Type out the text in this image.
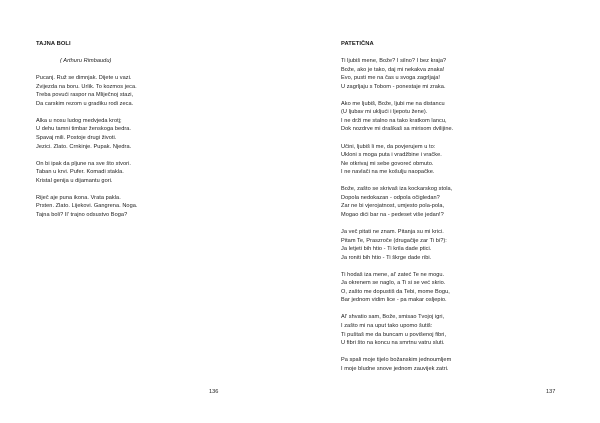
TAJNA BOLI
( Arthuru Rimbaudu)
Pucanj. Ruž se dimnjak. Dijete u vazi.
Zvijezda na boru. Urlik. To kozmos jeca.
Treba povući raspor na Mliječnoj stazi,
Da carskim rezom u gradiku rodi zeca.
Alka u nosu ludog medvjeda krotj;
U dehu tamni timbar ženskoga bedra.
Spavaj mili. Postoje drugi životi.
Jezici. Zlato. Crnkinje. Pupak. Njedra.
On bi ipak da pljune na sve što stvori.
Taban u krvi. Pufer. Komadi stakla.
Kristal genija u dijamantu gori.
Riječ aje puna ikona. Vrata pakla.
Prsten. Zlato. Lijekovi. Gangrena. Noga.
Tajna boli? Il' trajno odsustvo Boga?
136
PATETIČNA
Ti ljubiš mene, Bože? I silno? I bez kraja?
Bože, ako je tako, daj mi nekakva znaka!
Evo, pusti me na čas u svoga zagrljaja!
U zagrljaju s Tobom - ponestaje mi zraka.
Ako me ljubiš, Bože, ljubi me na distancu
(U ljubav mi ukljući i ljepotu žene).
I ne drži me stalno na tako kratkom lancu,
Dok nozdrve mi draškaš sa mirisom dvilijine.
Učini, ljubiš li me, da povjerujem u to:
Ukloni s moga puta i vradžbine i vračke.
Ne otkrivaj mi sebe govoreć obmuto.
I ne navlači na me košulju naopačke.
Bože, zašto se skrivaš iza kockarskog stola,
Dopola nedokazan - odpola očigledan?
Zar ne bi vjerojatnost, umjesto pola-pola,
Mogao dići bar na - pedeset više jedan!?
Ja več pitati ne znam. Pitanja su mi krici.
Pitam Te, Praszroče (drugačije zar Ti bi?):
Ja letjeti bih htio - Ti krila dade ptici.
Ja roniti bih htio - Ti škrge dade ribi.
Ti hodaš iza mene, al' zateć Te ne mogu.
Ja okrenem se naglo, a Ti si se već skrio.
O, zašto me dopustiš da Tebi, mome Bogu,
Bar jednom vidim lice - pa makar osljepio.
Al' shvatio sam, Bože, smisao Tvojoj igri,
I zašto mi na uput tako upomo šutiš:
Ti puštaš me da buncam u povišenoj fibri,
U fibri što na koncu na smrtnu vatru sluti.
Pa spali moje tijelo božanskim jednoumljem
I moje bludne snove jednom zauvijek zatri.
137
